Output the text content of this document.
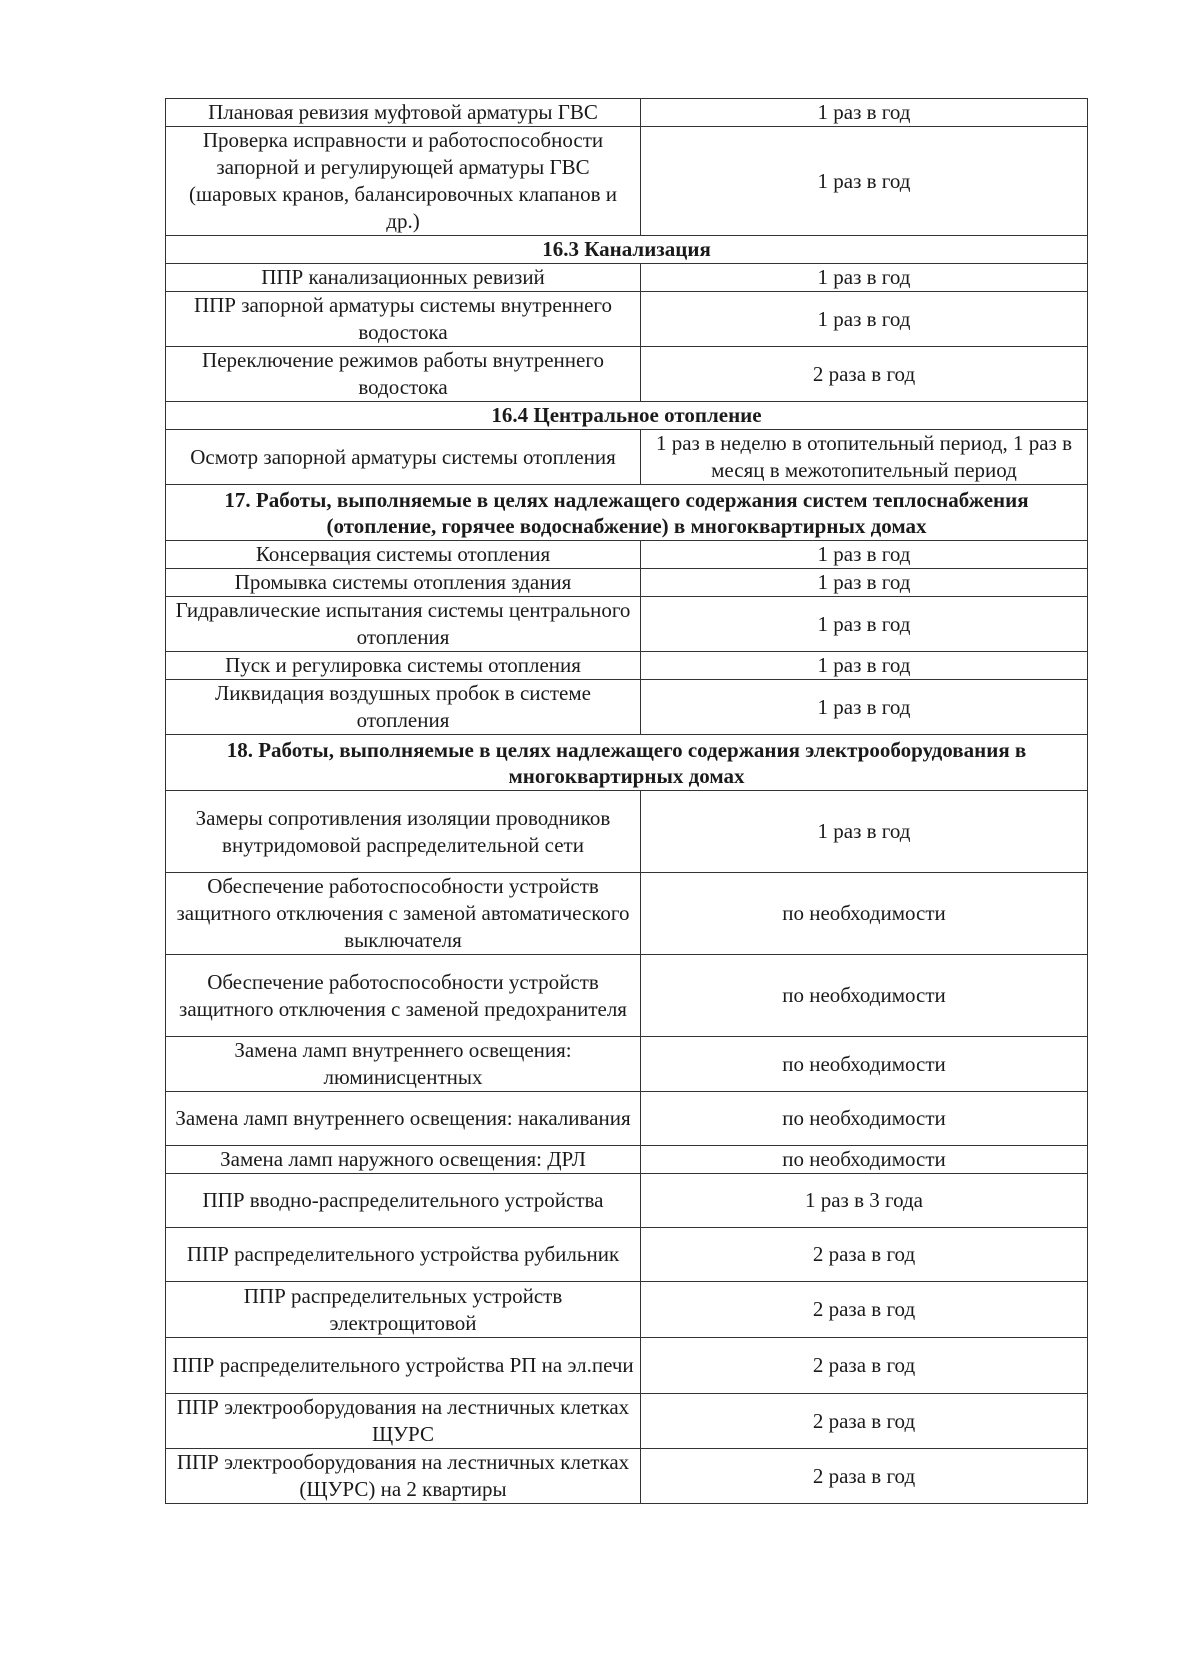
Плановая ревизия муфтовой арматуры ГВС	1 раз в год
Проверка исправности и работоспособности запорной и регулирующей арматуры ГВС (шаровых кранов, балансировочных клапанов и др.)	1 раз в год
16.3 Канализация	
ППР канализационных ревизий	1 раз в год
ППР запорной арматуры системы внутреннего водостока	1 раз в год
Переключение режимов работы внутреннего водостока	2 раза в год
16.4 Центральное отопление	
Осмотр запорной арматуры системы отопления	1 раз в неделю в отопительный период, 1 раз в месяц в межотопительный период
17. Работы, выполняемые в целях надлежащего содержания систем теплоснабжения (отопление, горячее водоснабжение) в многоквартирных домах	
Консервация системы отопления	1 раз в год
Промывка системы отопления здания	1 раз в год
Гидравлические испытания системы центрального отопления	1 раз в год
Пуск и регулировка системы отопления	1 раз в год
Ликвидация воздушных пробок в системе отопления	1 раз в год
18. Работы, выполняемые в целях надлежащего содержания электрооборудования в многоквартирных домах	
Замеры сопротивления изоляции проводников внутридомовой распределительной сети	1 раз в год
Обеспечение работоспособности устройств защитного отключения с заменой автоматического выключателя	по необходимости
Обеспечение работоспособности устройств защитного отключения с заменой предохранителя	по необходимости
Замена ламп внутреннего освещения: люминисцентных	по необходимости
Замена ламп внутреннего освещения: накаливания	по необходимости
Замена ламп наружного освещения: ДРЛ	по необходимости
ППР вводно-распределительного устройства	1 раз в 3 года
ППР распределительного устройства рубильник	2 раза в год
ППР распределительных устройств электрощитовой	2 раза в год
ППР распределительного устройства РП на эл.печи	2 раза в год
ППР электрооборудования на лестничных клетках ЩУРС	2 раза в год
ППР электрооборудования на лестничных клетках (ЩУРС) на 2 квартиры	2 раза в год
